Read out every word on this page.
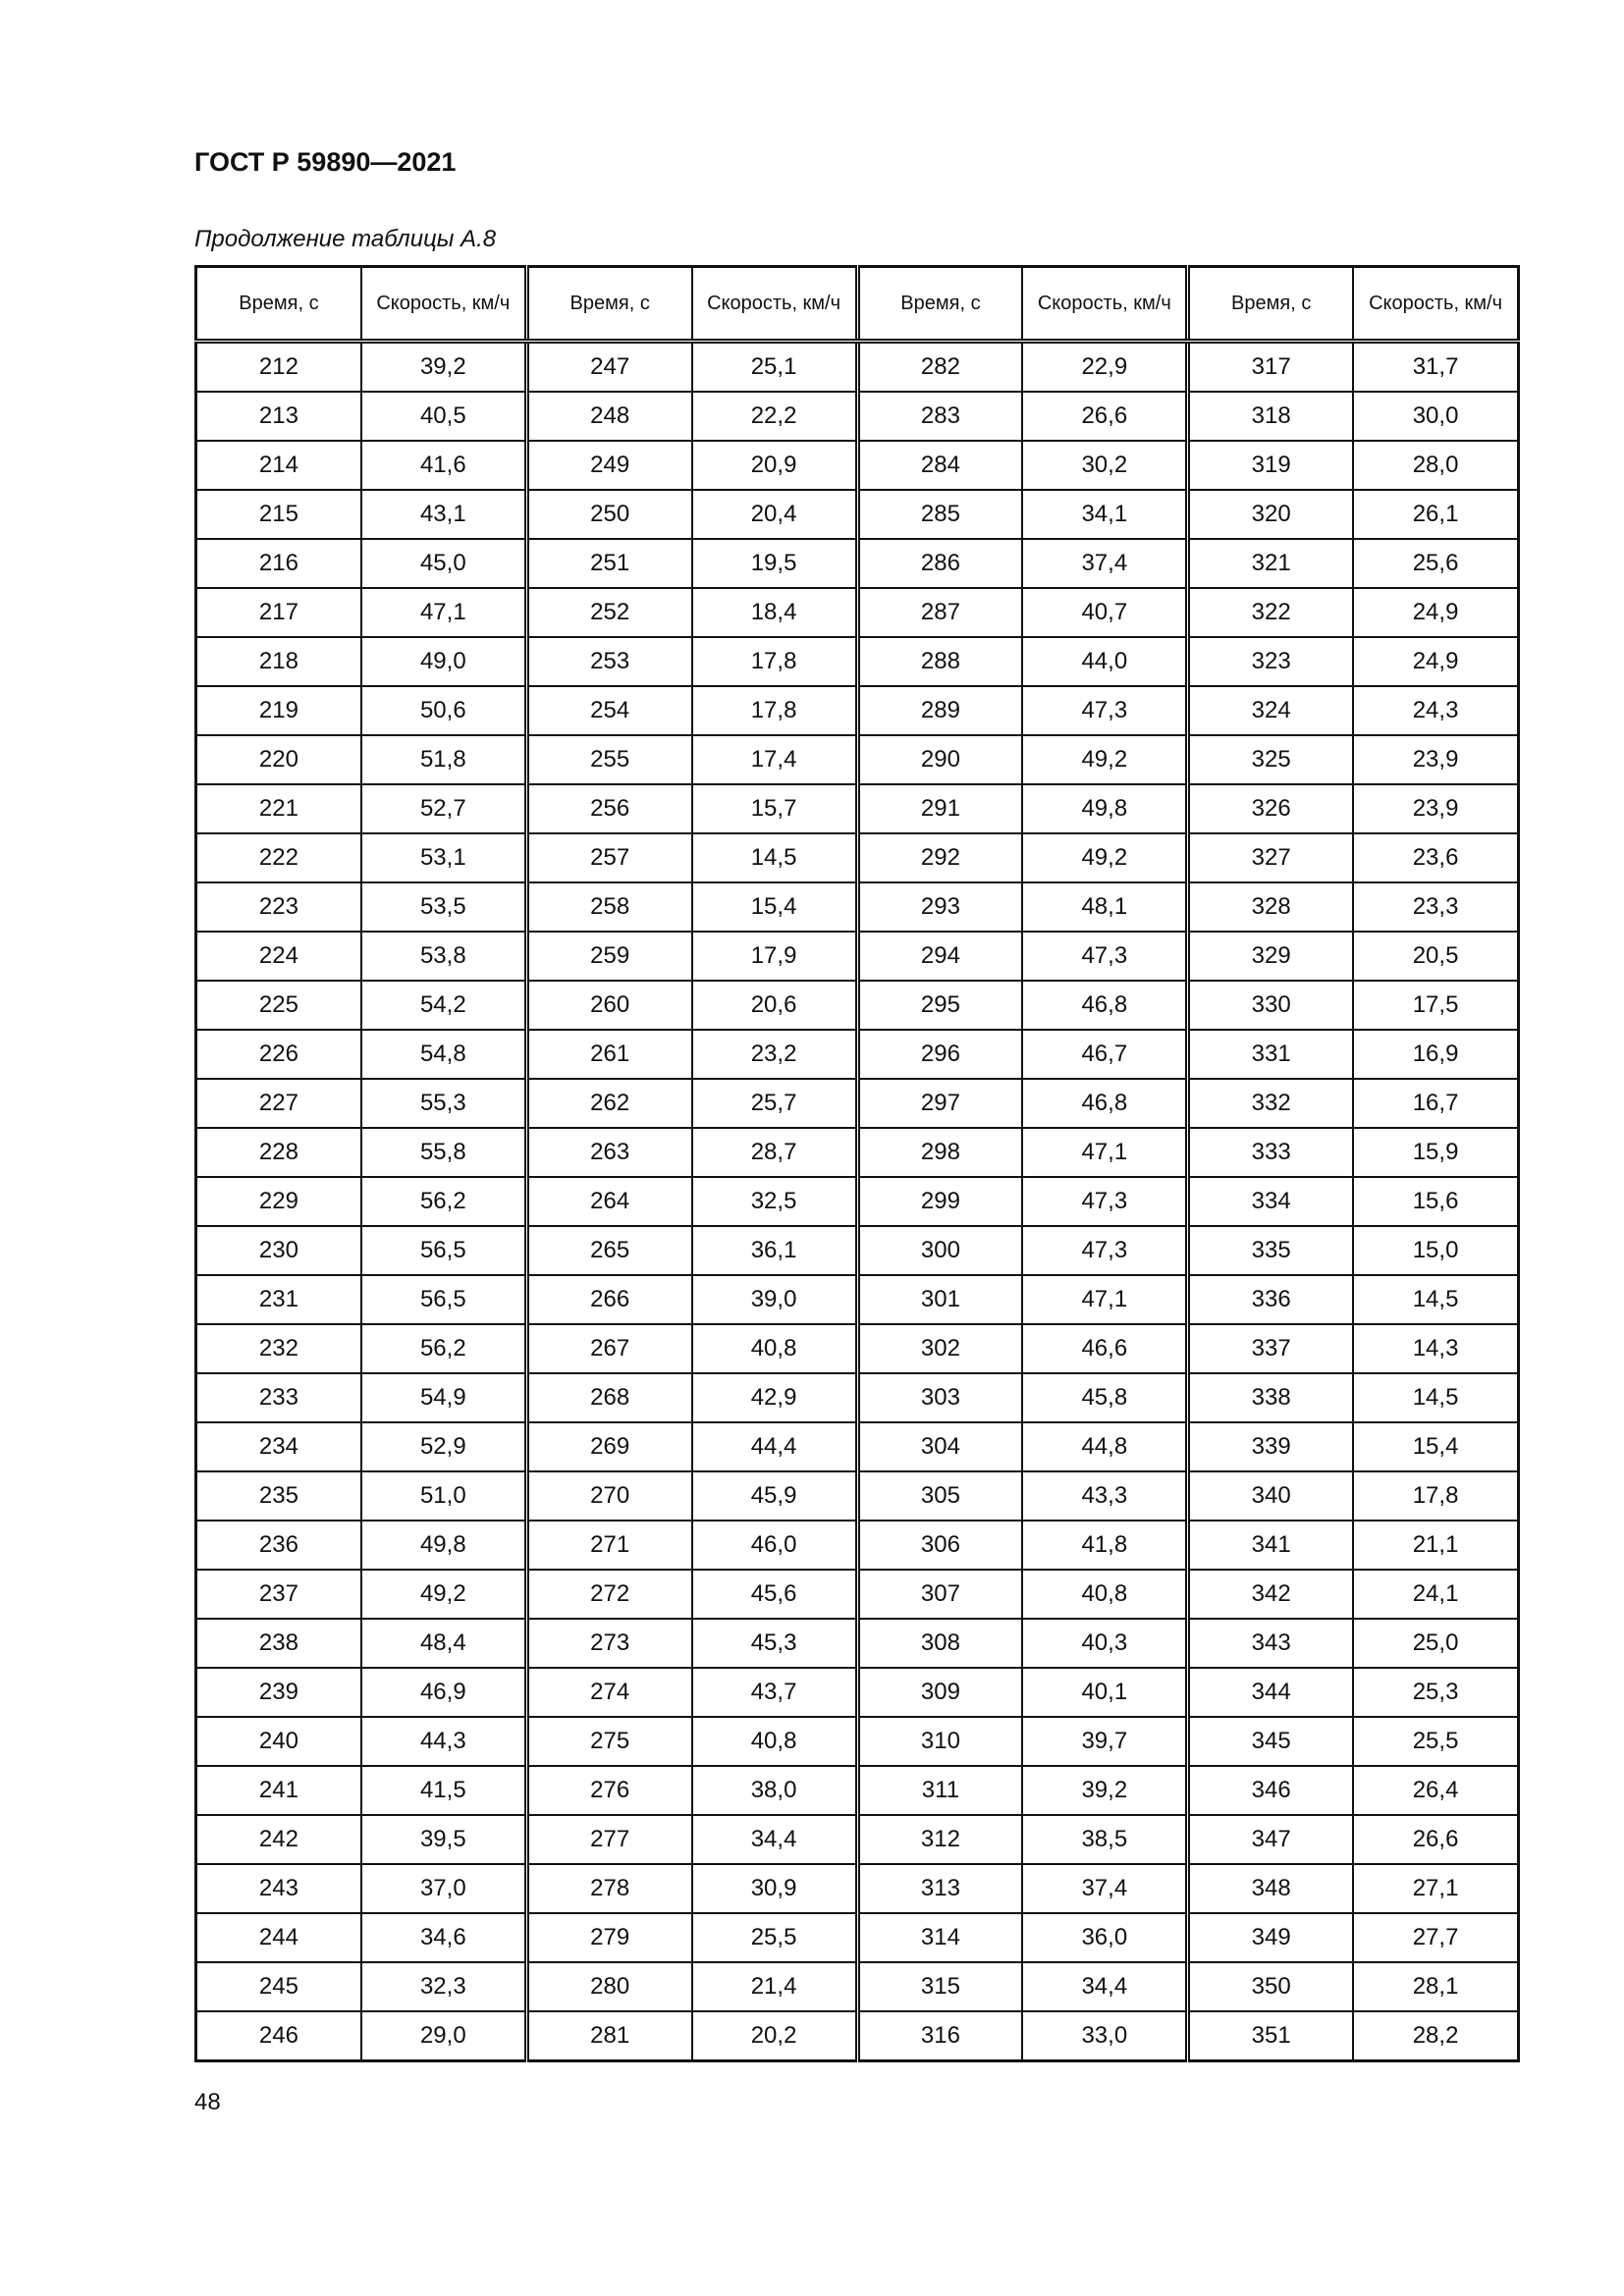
ГОСТ Р 59890—2021
Продолжение таблицы А.8
Время, с	Скорость, км/ч	Время, с	Скорость, км/ч	Время, с	Скорость, км/ч	Время, с	Скорость, км/ч
212	39,2	247	25,1	282	22,9	317	31,7
213	40,5	248	22,2	283	26,6	318	30,0
214	41,6	249	20,9	284	30,2	319	28,0
215	43,1	250	20,4	285	34,1	320	26,1
216	45,0	251	19,5	286	37,4	321	25,6
217	47,1	252	18,4	287	40,7	322	24,9
218	49,0	253	17,8	288	44,0	323	24,9
219	50,6	254	17,8	289	47,3	324	24,3
220	51,8	255	17,4	290	49,2	325	23,9
221	52,7	256	15,7	291	49,8	326	23,9
222	53,1	257	14,5	292	49,2	327	23,6
223	53,5	258	15,4	293	48,1	328	23,3
224	53,8	259	17,9	294	47,3	329	20,5
225	54,2	260	20,6	295	46,8	330	17,5
226	54,8	261	23,2	296	46,7	331	16,9
227	55,3	262	25,7	297	46,8	332	16,7
228	55,8	263	28,7	298	47,1	333	15,9
229	56,2	264	32,5	299	47,3	334	15,6
230	56,5	265	36,1	300	47,3	335	15,0
231	56,5	266	39,0	301	47,1	336	14,5
232	56,2	267	40,8	302	46,6	337	14,3
233	54,9	268	42,9	303	45,8	338	14,5
234	52,9	269	44,4	304	44,8	339	15,4
235	51,0	270	45,9	305	43,3	340	17,8
236	49,8	271	46,0	306	41,8	341	21,1
237	49,2	272	45,6	307	40,8	342	24,1
238	48,4	273	45,3	308	40,3	343	25,0
239	46,9	274	43,7	309	40,1	344	25,3
240	44,3	275	40,8	310	39,7	345	25,5
241	41,5	276	38,0	311	39,2	346	26,4
242	39,5	277	34,4	312	38,5	347	26,6
243	37,0	278	30,9	313	37,4	348	27,1
244	34,6	279	25,5	314	36,0	349	27,7
245	32,3	280	21,4	315	34,4	350	28,1
246	29,0	281	20,2	316	33,0	351	28,2
48
